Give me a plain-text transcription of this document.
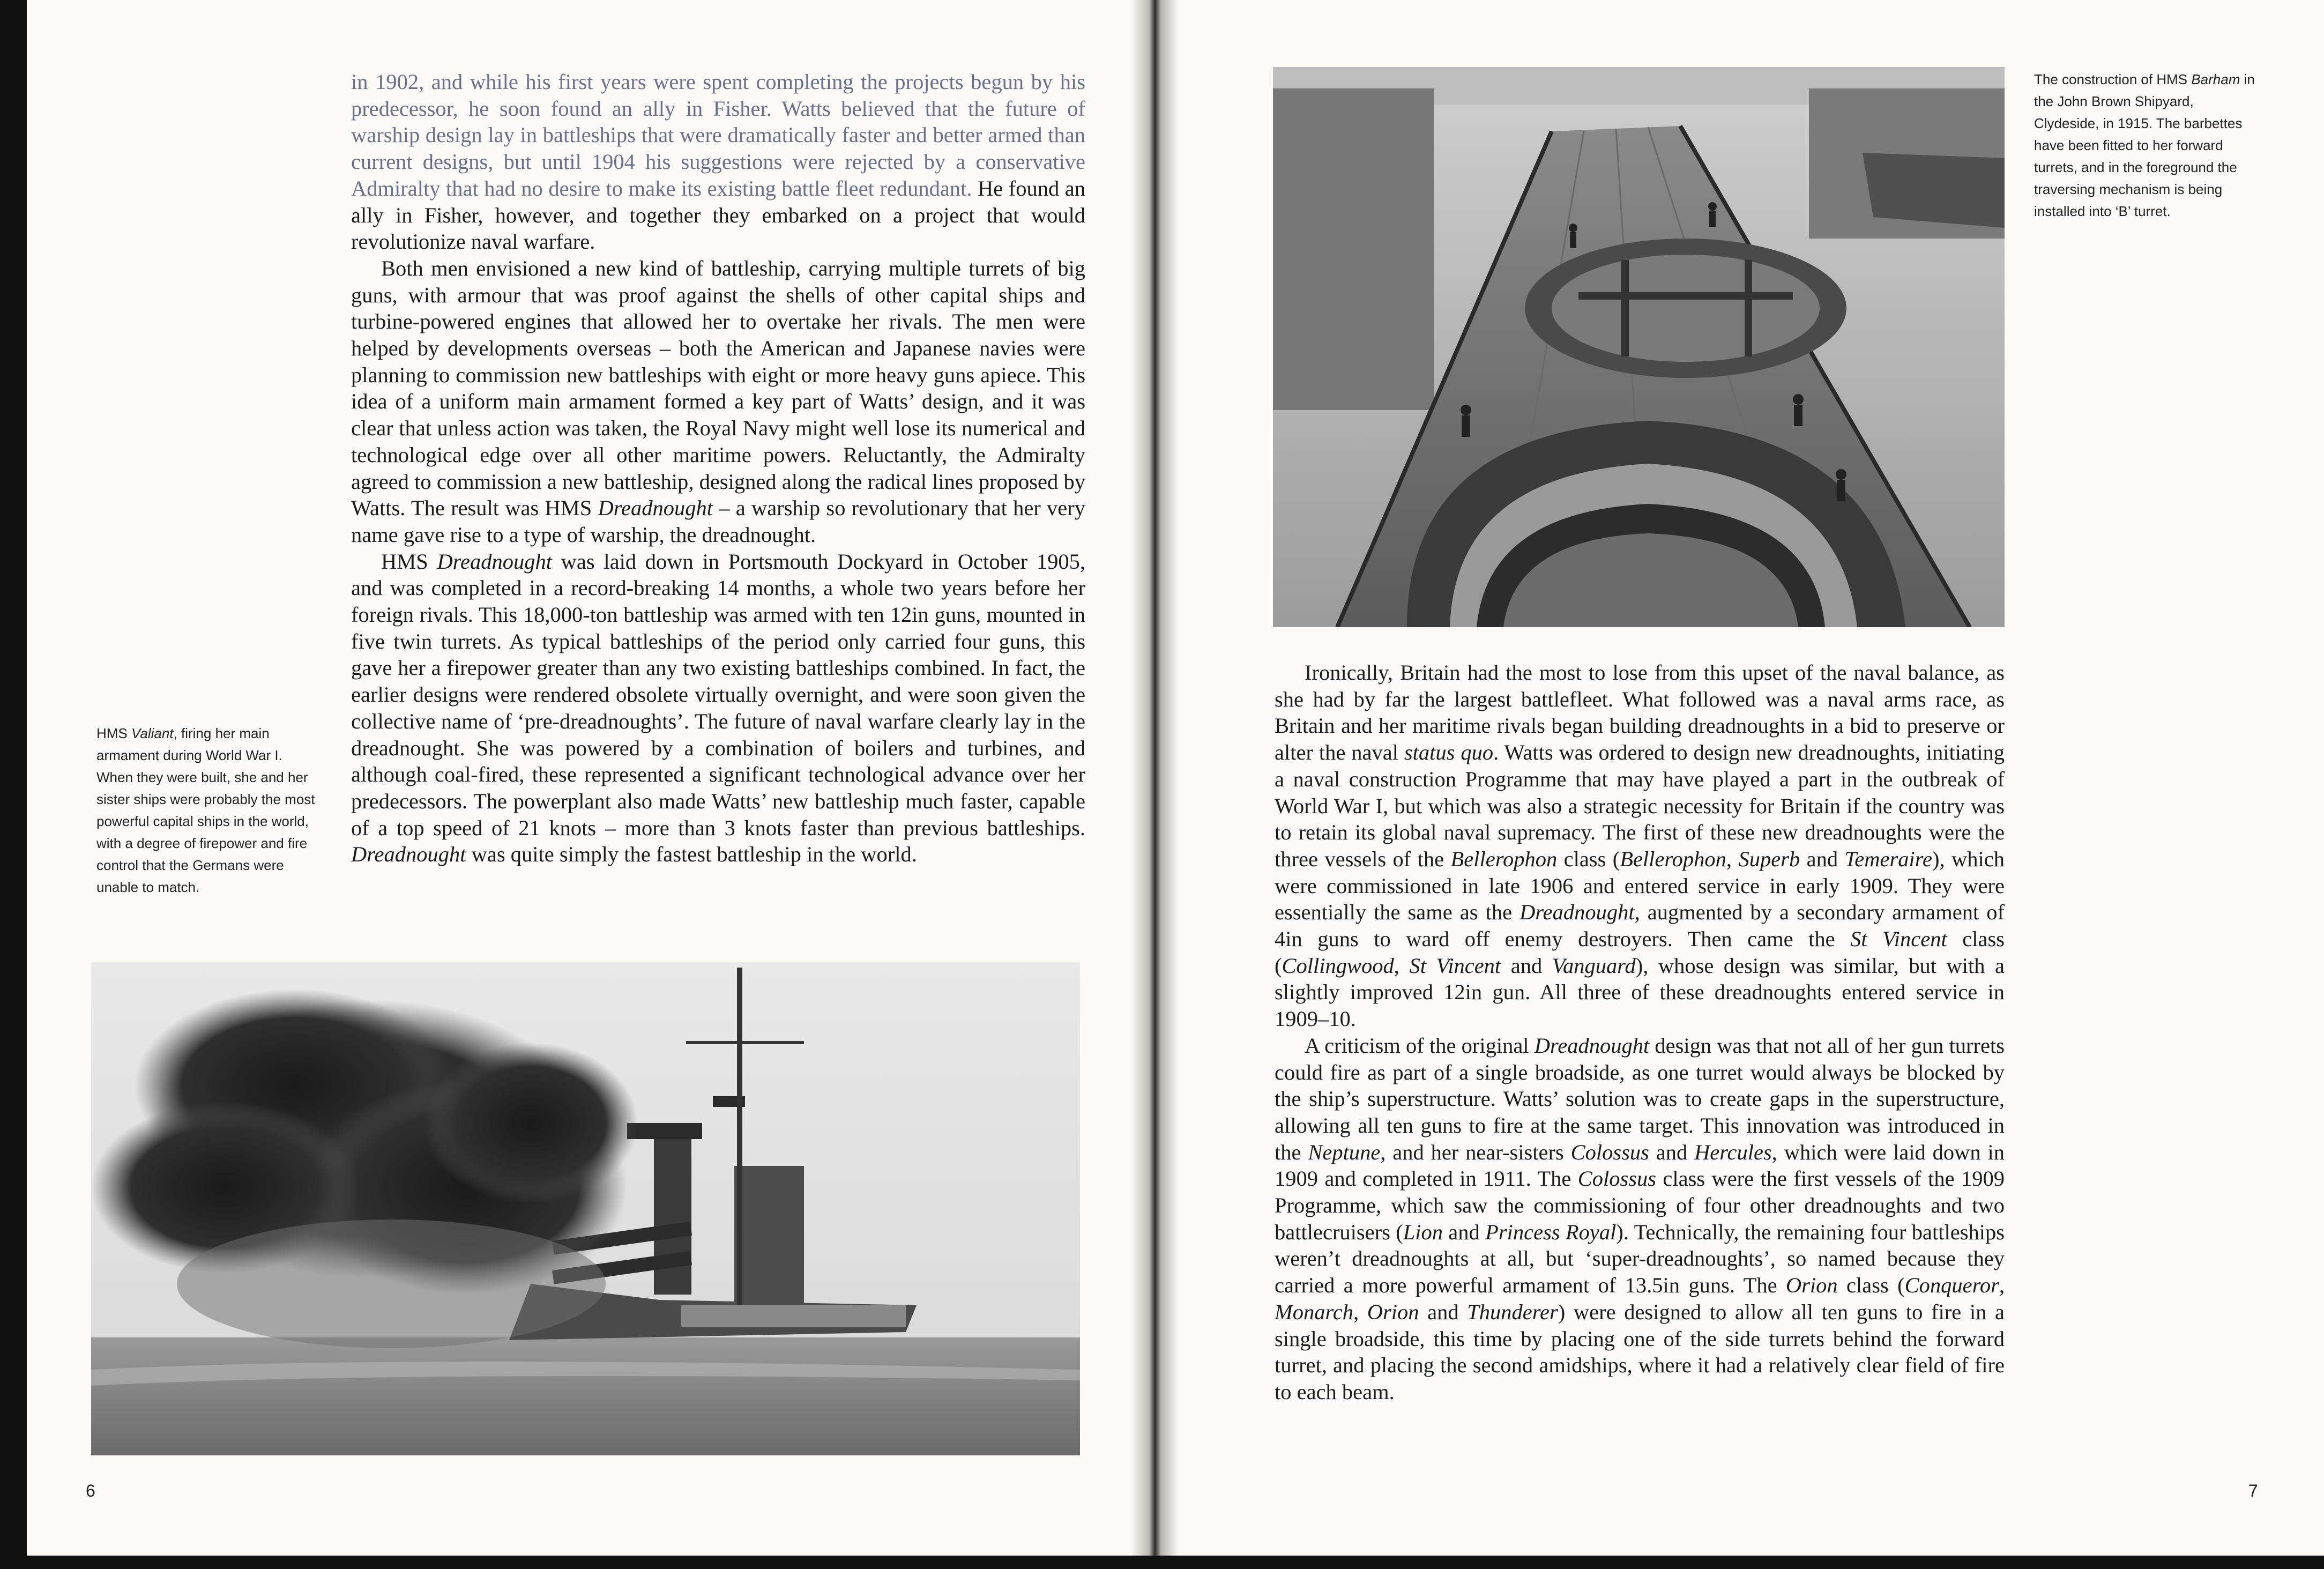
in 1902, and while his first years were spent completing the projects begun by his predecessor, he soon found an ally in Fisher. Watts believed that the future of warship design lay in battleships that were dramatically faster and better armed than current designs, but until 1904 his suggestions were rejected by a conservative Admiralty that had no desire to make its existing battle fleet redundant. He found an ally in Fisher, however, and together they embarked on a project that would revolutionize naval warfare.

Both men envisioned a new kind of battleship, carrying multiple turrets of big guns, with armour that was proof against the shells of other capital ships and turbine-powered engines that allowed her to overtake her rivals. The men were helped by developments overseas – both the American and Japanese navies were planning to commission new battleships with eight or more heavy guns apiece. This idea of a uniform main armament formed a key part of Watts’ design, and it was clear that unless action was taken, the Royal Navy might well lose its numerical and technological edge over all other maritime powers. Reluctantly, the Admiralty agreed to commission a new battleship, designed along the radical lines proposed by Watts. The result was HMS Dreadnought – a warship so revolutionary that her very name gave rise to a type of warship, the dreadnought.

HMS Dreadnought was laid down in Portsmouth Dockyard in October 1905, and was completed in a record-breaking 14 months, a whole two years before her foreign rivals. This 18,000-ton battleship was armed with ten 12in guns, mounted in five twin turrets. As typical battleships of the period only carried four guns, this gave her a firepower greater than any two existing battleships combined. In fact, the earlier designs were rendered obsolete virtually overnight, and were soon given the collective name of ‘pre-dreadnoughts’. The future of naval warfare clearly lay in the dreadnought. She was powered by a combination of boilers and turbines, and although coal-fired, these represented a significant technological advance over her predecessors. The powerplant also made Watts’ new battleship much faster, capable of a top speed of 21 knots – more than 3 knots faster than previous battleships. Dreadnought was quite simply the fastest battleship in the world.

HMS Valiant, firing her main armament during World War I. When they were built, she and her sister ships were probably the most powerful capital ships in the world, with a degree of firepower and fire control that the Germans were unable to match.
6
The construction of HMS Barham in the John Brown Shipyard, Clydeside, in 1915. The barbettes have been fitted to her forward turrets, and in the foreground the traversing mechanism is being installed into ‘B’ turret.

Ironically, Britain had the most to lose from this upset of the naval balance, as she had by far the largest battlefleet. What followed was a naval arms race, as Britain and her maritime rivals began building dreadnoughts in a bid to preserve or alter the naval status quo. Watts was ordered to design new dreadnoughts, initiating a naval construction Programme that may have played a part in the outbreak of World War I, but which was also a strategic necessity for Britain if the country was to retain its global naval supremacy. The first of these new dreadnoughts were the three vessels of the Bellerophon class (Bellerophon, Superb and Temeraire), which were commissioned in late 1906 and entered service in early 1909. They were essentially the same as the Dreadnought, augmented by a secondary armament of 4in guns to ward off enemy destroyers. Then came the St Vincent class (Collingwood, St Vincent and Vanguard), whose design was similar, but with a slightly improved 12in gun. All three of these dreadnoughts entered service in 1909–10.

A criticism of the original Dreadnought design was that not all of her gun turrets could fire as part of a single broadside, as one turret would always be blocked by the ship’s superstructure. Watts’ solution was to create gaps in the superstructure, allowing all ten guns to fire at the same target. This innovation was introduced in the Neptune, and her near-sisters Colossus and Hercules, which were laid down in 1909 and completed in 1911. The Colossus class were the first vessels of the 1909 Programme, which saw the commissioning of four other dreadnoughts and two battlecruisers (Lion and Princess Royal). Technically, the remaining four battleships weren’t dreadnoughts at all, but ‘super-dreadnoughts’, so named because they carried a more powerful armament of 13.5in guns. The Orion class (Conqueror, Monarch, Orion and Thunderer) were designed to allow all ten guns to fire in a single broadside, this time by placing one of the side turrets behind the forward turret, and placing the second amidships, where it had a relatively clear field of fire to each beam.

7
